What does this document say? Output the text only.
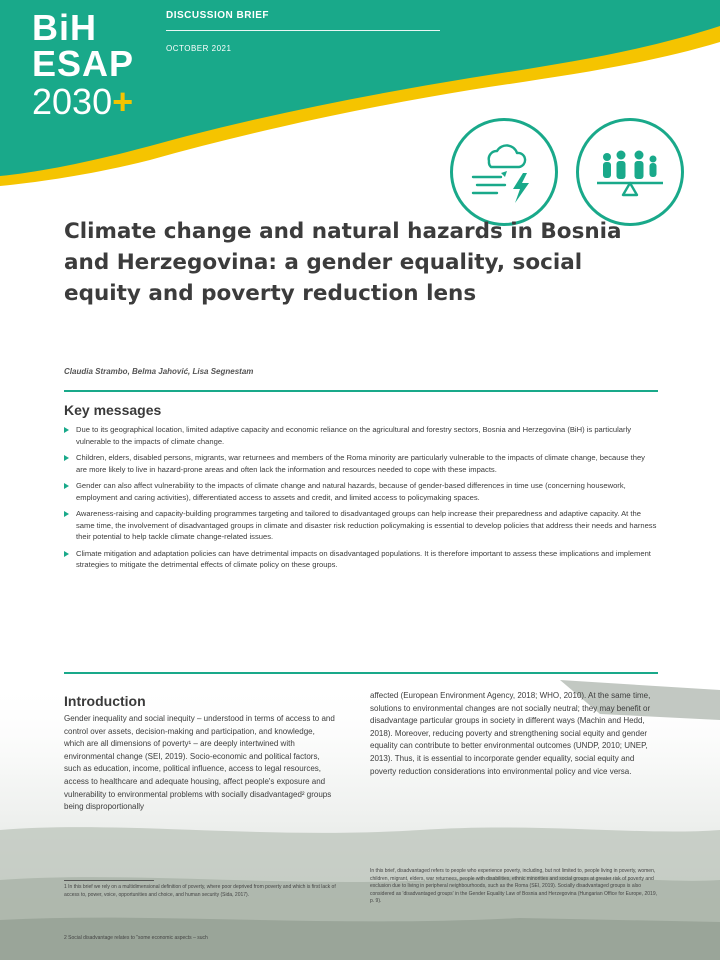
BiH
ESAP
2030+
DISCUSSION BRIEF
OCTOBER 2021
Climate change and natural hazards in Bosnia and Herzegovina: a gender equality, social equity and poverty reduction lens
Claudia Strambo, Belma Jahović, Lisa Segnestam
Key messages
Due to its geographical location, limited adaptive capacity and economic reliance on the agricultural and forestry sectors, Bosnia and Herzegovina (BiH) is particularly vulnerable to the impacts of climate change.
Children, elders, disabled persons, migrants, war returnees and members of the Roma minority are particularly vulnerable to the impacts of climate change, because they are more likely to live in hazard-prone areas and often lack the information and resources needed to cope with these impacts.
Gender can also affect vulnerability to the impacts of climate change and natural hazards, because of gender-based differences in time use (concerning housework, employment and caring activities), differentiated access to assets and credit, and limited access to policymaking spaces.
Awareness-raising and capacity-building programmes targeting and tailored to disadvantaged groups can help increase their preparedness and adaptive capacity. At the same time, the involvement of disadvantaged groups in climate and disaster risk reduction policymaking is essential to develop policies that address their needs and harness their potential to help tackle climate change-related issues.
Climate mitigation and adaptation policies can have detrimental impacts on disadvantaged populations. It is therefore important to assess these implications and implement strategies to mitigate the detrimental effects of climate policy on these groups.
Introduction
Gender inequality and social inequity – understood in terms of access to and control over assets, decision-making and participation, and knowledge, which are all dimensions of poverty¹ – are deeply intertwined with environmental change (SEI, 2019). Socio-economic and political factors, such as education, income, political influence, access to legal resources, access to healthcare and adequate housing, affect people's exposure and vulnerability to environmental problems with socially disadvantaged² groups being disproportionally
affected (European Environment Agency, 2018; WHO, 2010). At the same time, solutions to environmental changes are not socially neutral; they may benefit or disadvantage particular groups in society in different ways (Machin and Hedd, 2018). Moreover, reducing poverty and strengthening social equity and gender equality can contribute to better environmental outcomes (UNDP, 2010; UNEP, 2013). Thus, it is essential to incorporate gender equality, social equity and poverty reduction considerations into environmental policy and vice versa.
1 In this brief we rely on a multidimensional definition of poverty, where poor deprived from poverty and which is first lack of access to, power, voice, opportunities and choice, and human security (Sida, 2017).
2 Social disadvantage relates to "some economic aspects – such
In this brief, disadvantaged refers to people who experience poverty, including, but not limited to, people living in poverty, women, children, migrant, elders, war returnees, people with disabilities, ethnic minorities and social groups at greater risk of poverty and exclusion due to living in peripheral neighbourhoods, such as the Roma (SEI, 2019). Socially disadvantaged groups is also considered as 'disadvantaged groups' in the Gender Equality Law of Bosnia and Herzegovina (Hungarian Office for Europe, 2019, p. 9).
